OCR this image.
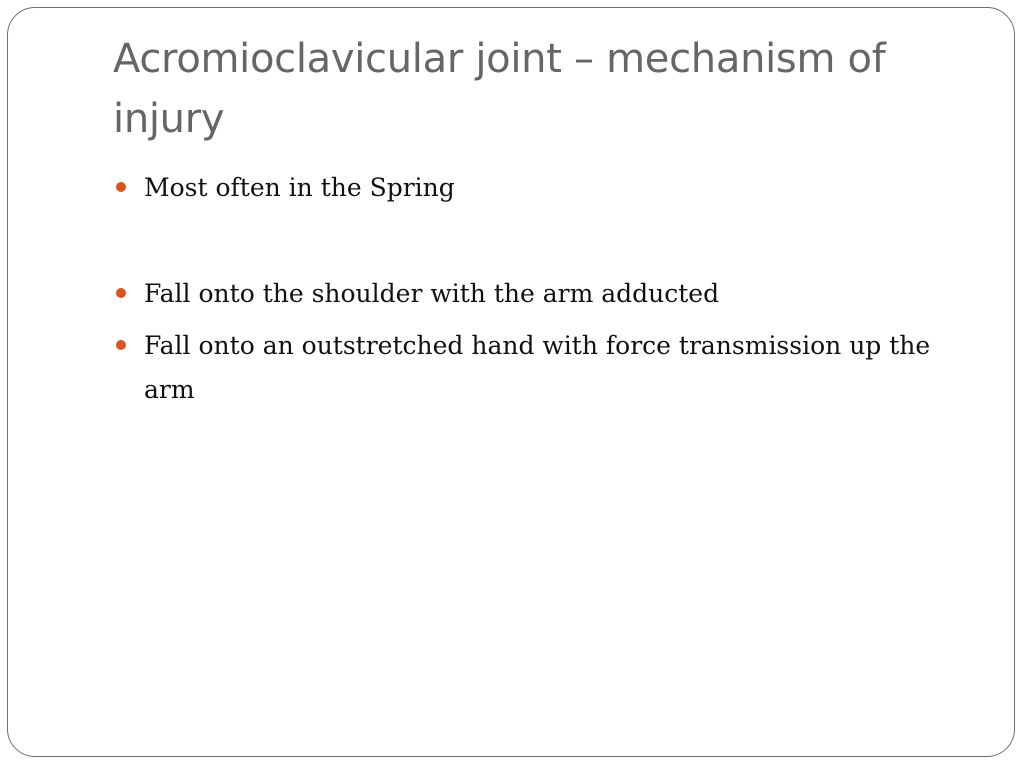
Acromioclavicular joint – mechanism of injury
Most often in the Spring
Fall onto the shoulder with the arm adducted
Fall onto an outstretched hand with force transmission up the arm
